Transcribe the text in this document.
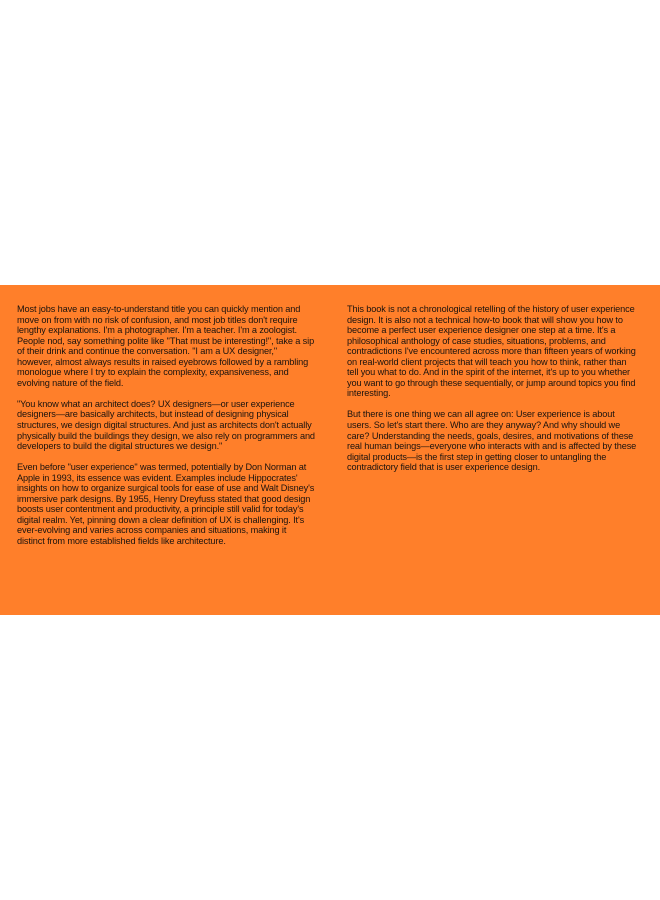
Most jobs have an easy-to-understand title you can quickly mention and move on from with no risk of confusion, and most job titles don't require lengthy explanations. I'm a photographer. I'm a teacher. I'm a zoologist. People nod, say something polite like "That must be interesting!", take a sip of their drink and continue the conversation. "I am a UX designer," however, almost always results in raised eyebrows followed by a rambling monologue where I try to explain the complexity, expansiveness, and evolving nature of the field.

"You know what an architect does? UX designers—or user experience designers—are basically architects, but instead of designing physical structures, we design digital structures. And just as architects don't actually physically build the buildings they design, we also rely on programmers and developers to build the digital structures we design."

Even before "user experience" was termed, potentially by Don Norman at Apple in 1993, its essence was evident. Examples include Hippocrates' insights on how to organize surgical tools for ease of use and Walt Disney's immersive park designs. By 1955, Henry Dreyfuss stated that good design boosts user contentment and productivity, a principle still valid for today's digital realm. Yet, pinning down a clear definition of UX is challenging. It's ever-evolving and varies across companies and situations, making it distinct from more established fields like architecture.

This book is not a chronological retelling of the history of user experience design. It is also not a technical how-to book that will show you how to become a perfect user experience designer one step at a time. It's a philosophical anthology of case studies, situations, problems, and contradictions I've encountered across more than fifteen years of working on real-world client projects that will teach you how to think, rather than tell you what to do. And in the spirit of the internet, it's up to you whether you want to go through these sequentially, or jump around topics you find interesting.

But there is one thing we can all agree on: User experience is about users. So let's start there. Who are they anyway? And why should we care? Understanding the needs, goals, desires, and motivations of these real human beings—everyone who interacts with and is affected by these digital products—is the first step in getting closer to untangling the contradictory field that is user experience design.
